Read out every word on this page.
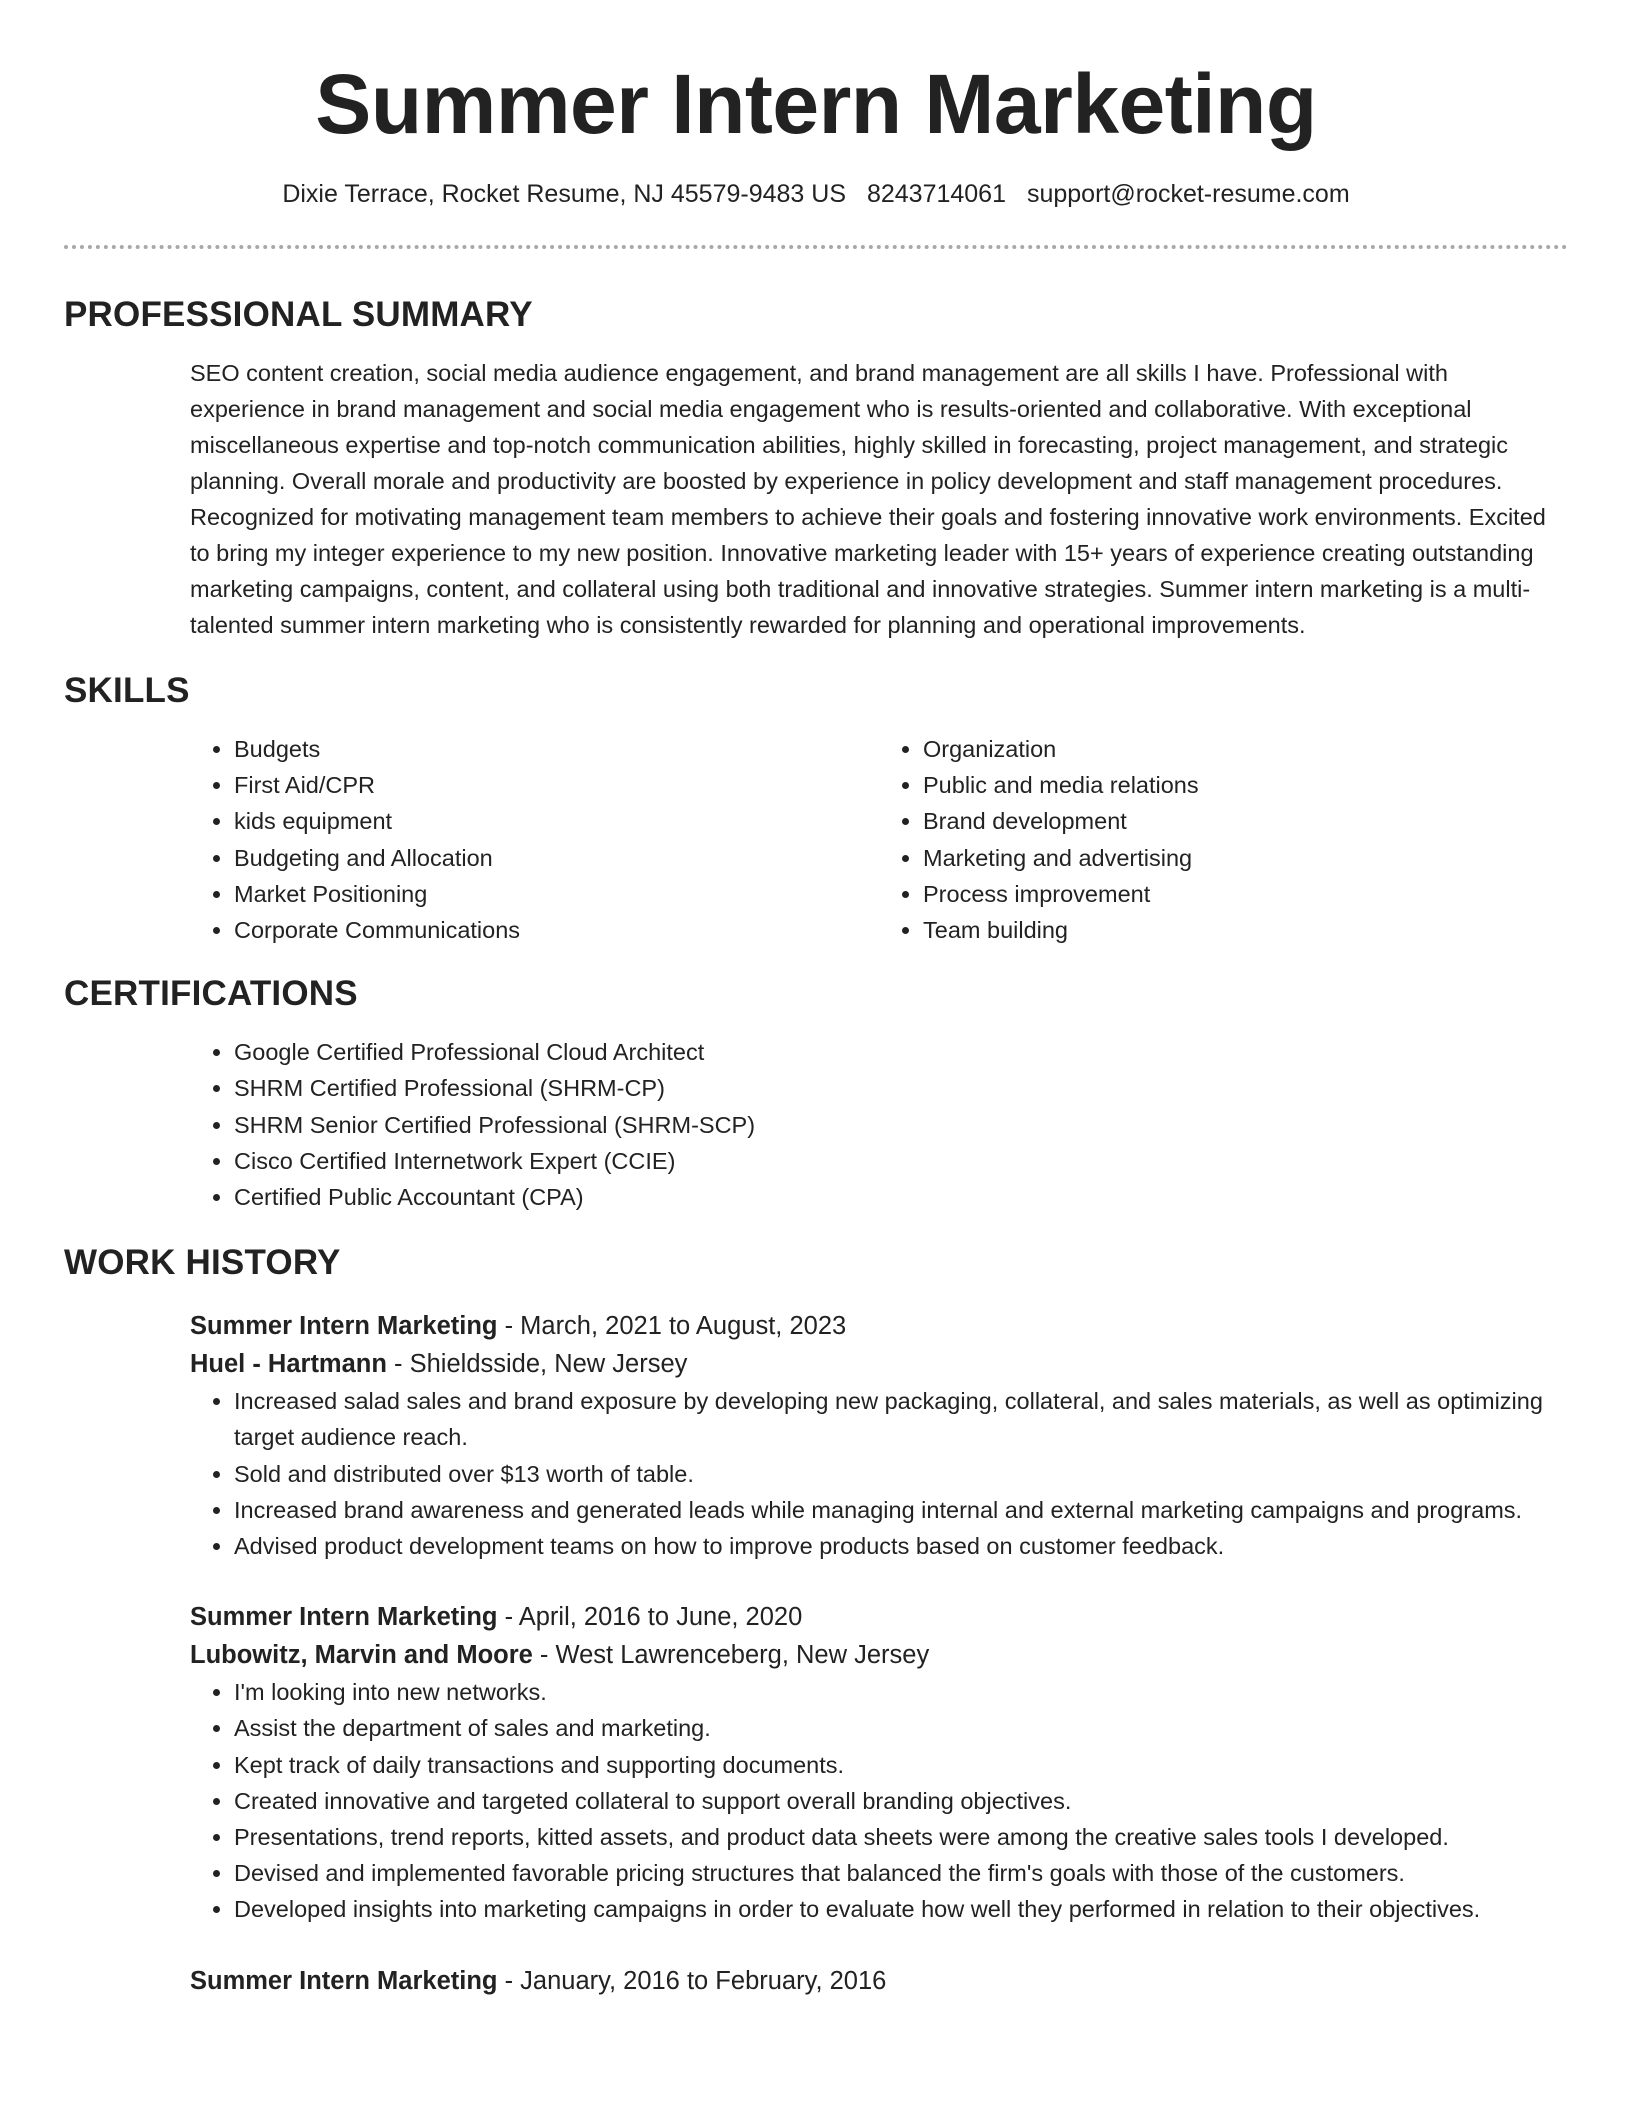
Summer Intern Marketing
Dixie Terrace, Rocket Resume, NJ 45579-9483 US 8243714061 support@rocket-resume.com
PROFESSIONAL SUMMARY
SEO content creation, social media audience engagement, and brand management are all skills I have. Professional with experience in brand management and social media engagement who is results-oriented and collaborative. With exceptional miscellaneous expertise and top-notch communication abilities, highly skilled in forecasting, project management, and strategic planning. Overall morale and productivity are boosted by experience in policy development and staff management procedures. Recognized for motivating management team members to achieve their goals and fostering innovative work environments. Excited to bring my integer experience to my new position. Innovative marketing leader with 15+ years of experience creating outstanding marketing campaigns, content, and collateral using both traditional and innovative strategies. Summer intern marketing is a multi-talented summer intern marketing who is consistently rewarded for planning and operational improvements.
SKILLS
• Budgets
• First Aid/CPR
• kids equipment
• Budgeting and Allocation
• Market Positioning
• Corporate Communications
• Organization
• Public and media relations
• Brand development
• Marketing and advertising
• Process improvement
• Team building
CERTIFICATIONS
• Google Certified Professional Cloud Architect
• SHRM Certified Professional (SHRM-CP)
• SHRM Senior Certified Professional (SHRM-SCP)
• Cisco Certified Internetwork Expert (CCIE)
• Certified Public Accountant (CPA)
WORK HISTORY
Summer Intern Marketing - March, 2021 to August, 2023
Huel - Hartmann - Shieldsside, New Jersey
• Increased salad sales and brand exposure by developing new packaging, collateral, and sales materials, as well as optimizing target audience reach.
• Sold and distributed over $13 worth of table.
• Increased brand awareness and generated leads while managing internal and external marketing campaigns and programs.
• Advised product development teams on how to improve products based on customer feedback.
Summer Intern Marketing - April, 2016 to June, 2020
Lubowitz, Marvin and Moore - West Lawrenceberg, New Jersey
• I'm looking into new networks.
• Assist the department of sales and marketing.
• Kept track of daily transactions and supporting documents.
• Created innovative and targeted collateral to support overall branding objectives.
• Presentations, trend reports, kitted assets, and product data sheets were among the creative sales tools I developed.
• Devised and implemented favorable pricing structures that balanced the firm's goals with those of the customers.
• Developed insights into marketing campaigns in order to evaluate how well they performed in relation to their objectives.
Summer Intern Marketing - January, 2016 to February, 2016
